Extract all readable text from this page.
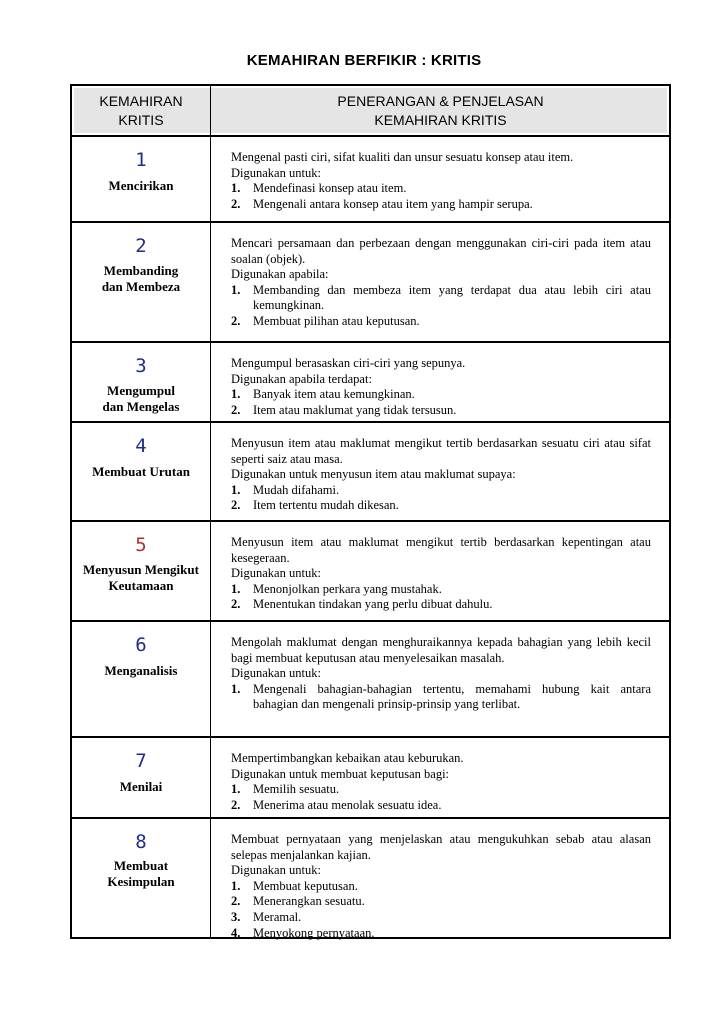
KEMAHIRAN BERFIKIR : KRITIS
KEMAHIRAN
KRITIS
PENERANGAN & PENJELASAN
KEMAHIRAN KRITIS
1
Mencirikan

Mengenal pasti ciri, sifat kualiti dan unsur sesuatu konsep atau item.

Digunakan untuk:

1. Mendefinasi konsep atau item.

2. Mengenali antara konsep atau item yang hampir serupa.

2
Membanding
dan Membeza

Mencari persamaan dan perbezaan dengan menggunakan ciri-ciri pada item atau soalan (objek).

Digunakan apabila:

1. Membanding dan membeza item yang terdapat dua atau lebih ciri atau kemungkinan.

2. Membuat pilihan atau keputusan.

3
Mengumpul
dan Mengelas

Mengumpul berasaskan ciri-ciri yang sepunya.

Digunakan apabila terdapat:

1. Banyak item atau kemungkinan.

2. Item atau maklumat yang tidak tersusun.

4
Membuat Urutan

Menyusun item atau maklumat mengikut tertib berdasarkan sesuatu ciri atau sifat seperti saiz atau masa.

Digunakan untuk menyusun item atau maklumat supaya:

1. Mudah difahami.

2. Item tertentu mudah dikesan.

5
Menyusun Mengikut
Keutamaan

Menyusun item atau maklumat mengikut tertib berdasarkan kepentingan atau kesegeraan.

Digunakan untuk:

1. Menonjolkan perkara yang mustahak.

2. Menentukan tindakan yang perlu dibuat dahulu.

6
Menganalisis

Mengolah maklumat dengan menghuraikannya kepada bahagian yang lebih kecil bagi membuat keputusan atau menyelesaikan masalah.

Digunakan untuk:

1. Mengenali bahagian-bahagian tertentu, memahami hubung kait antara bahagian dan mengenali prinsip-prinsip yang terlibat.

7
Menilai

Mempertimbangkan kebaikan atau keburukan.

Digunakan untuk membuat keputusan bagi:

1. Memilih sesuatu.

2. Menerima atau menolak sesuatu idea.

8
Membuat
Kesimpulan

Membuat pernyataan yang menjelaskan atau mengukuhkan sebab atau alasan selepas menjalankan kajian.

Digunakan untuk:

1. Membuat keputusan.

2. Menerangkan sesuatu.

3. Meramal.

4. Menyokong pernyataan.
